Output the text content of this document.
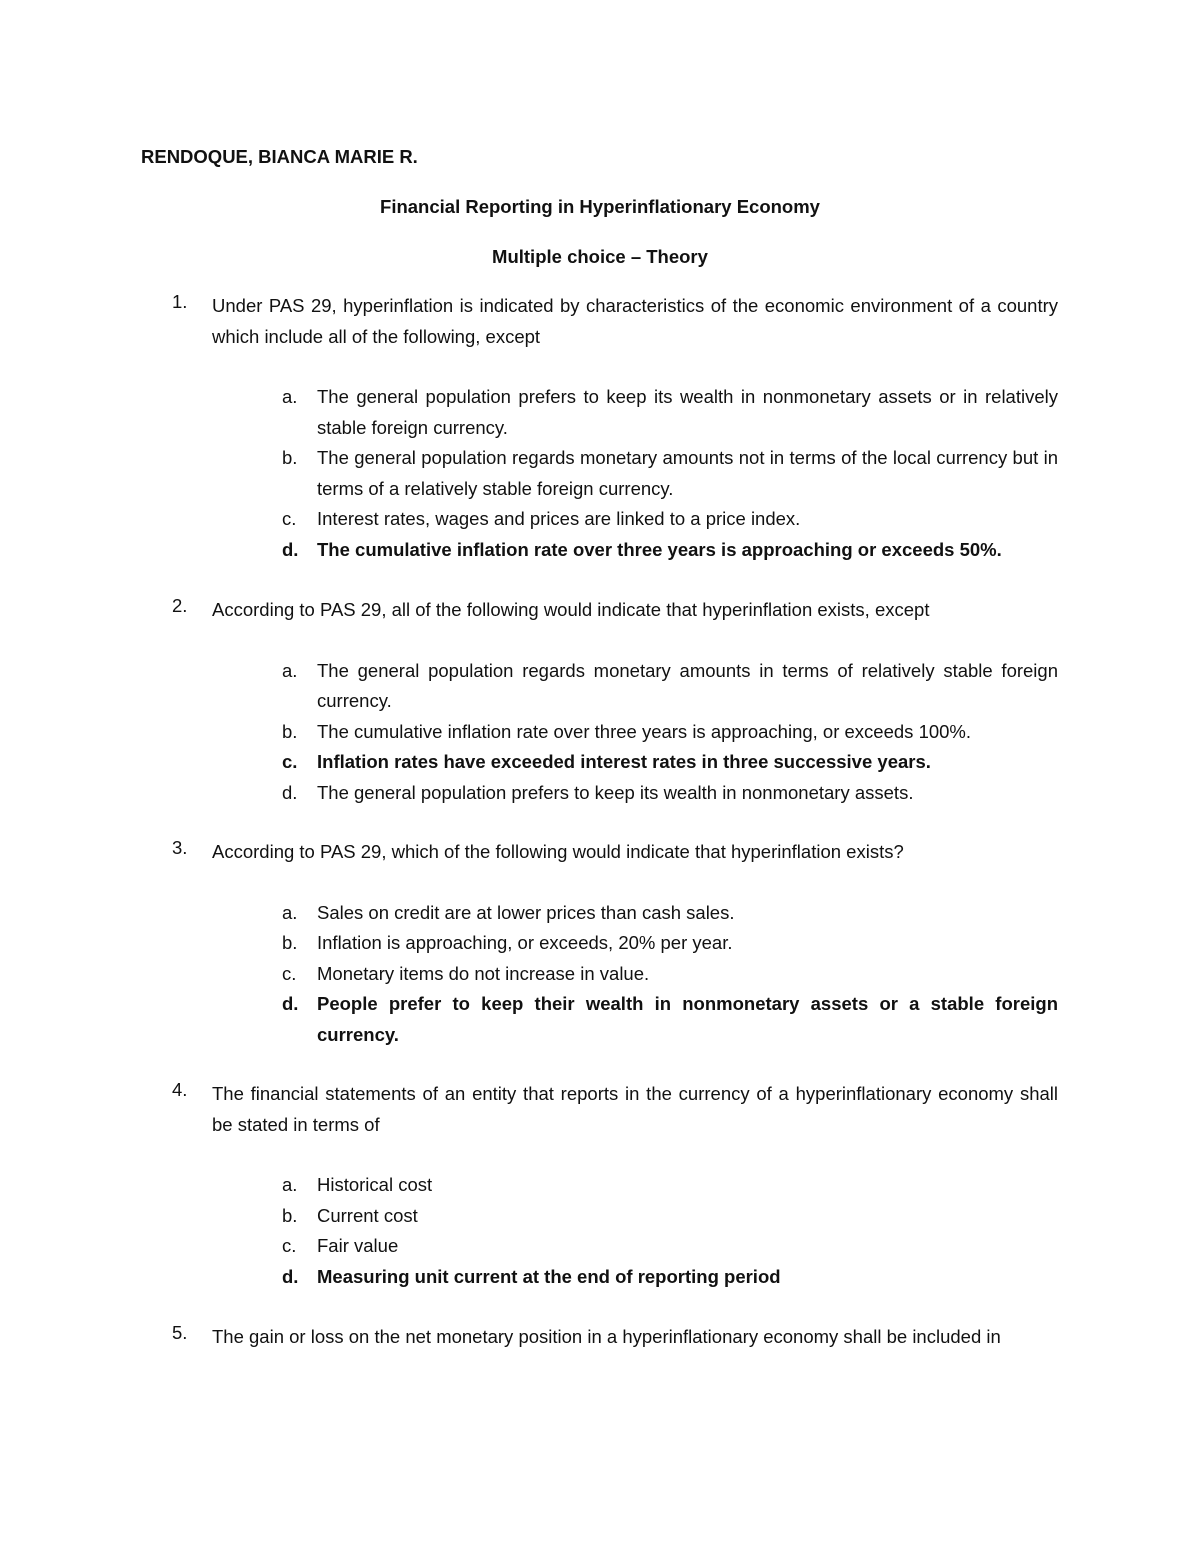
RENDOQUE, BIANCA MARIE R.

Financial Reporting in Hyperinflationary Economy

Multiple choice – Theory

1.	Under PAS 29, hyperinflation is indicated by characteristics of the economic environment of a country which include all of the following, except
a. The general population prefers to keep its wealth in nonmonetary assets or in relatively stable foreign currency.
b. The general population regards monetary amounts not in terms of the local currency but in terms of a relatively stable foreign currency.
c. Interest rates, wages and prices are linked to a price index.
d. The cumulative inflation rate over three years is approaching or exceeds 50%.
2.	According to PAS 29, all of the following would indicate that hyperinflation exists, except
a. The general population regards monetary amounts in terms of relatively stable foreign currency.
b. The cumulative inflation rate over three years is approaching, or exceeds 100%.
c. Inflation rates have exceeded interest rates in three successive years.
d. The general population prefers to keep its wealth in nonmonetary assets.
3.	According to PAS 29, which of the following would indicate that hyperinflation exists?
a. Sales on credit are at lower prices than cash sales.
b. Inflation is approaching, or exceeds, 20% per year.
c. Monetary items do not increase in value.
d. People prefer to keep their wealth in nonmonetary assets or a stable foreign currency.
4.	The financial statements of an entity that reports in the currency of a hyperinflationary economy shall be stated in terms of
a. Historical cost
b. Current cost
c. Fair value
d. Measuring unit current at the end of reporting period
5.	The gain or loss on the net monetary position in a hyperinflationary economy shall be included in
